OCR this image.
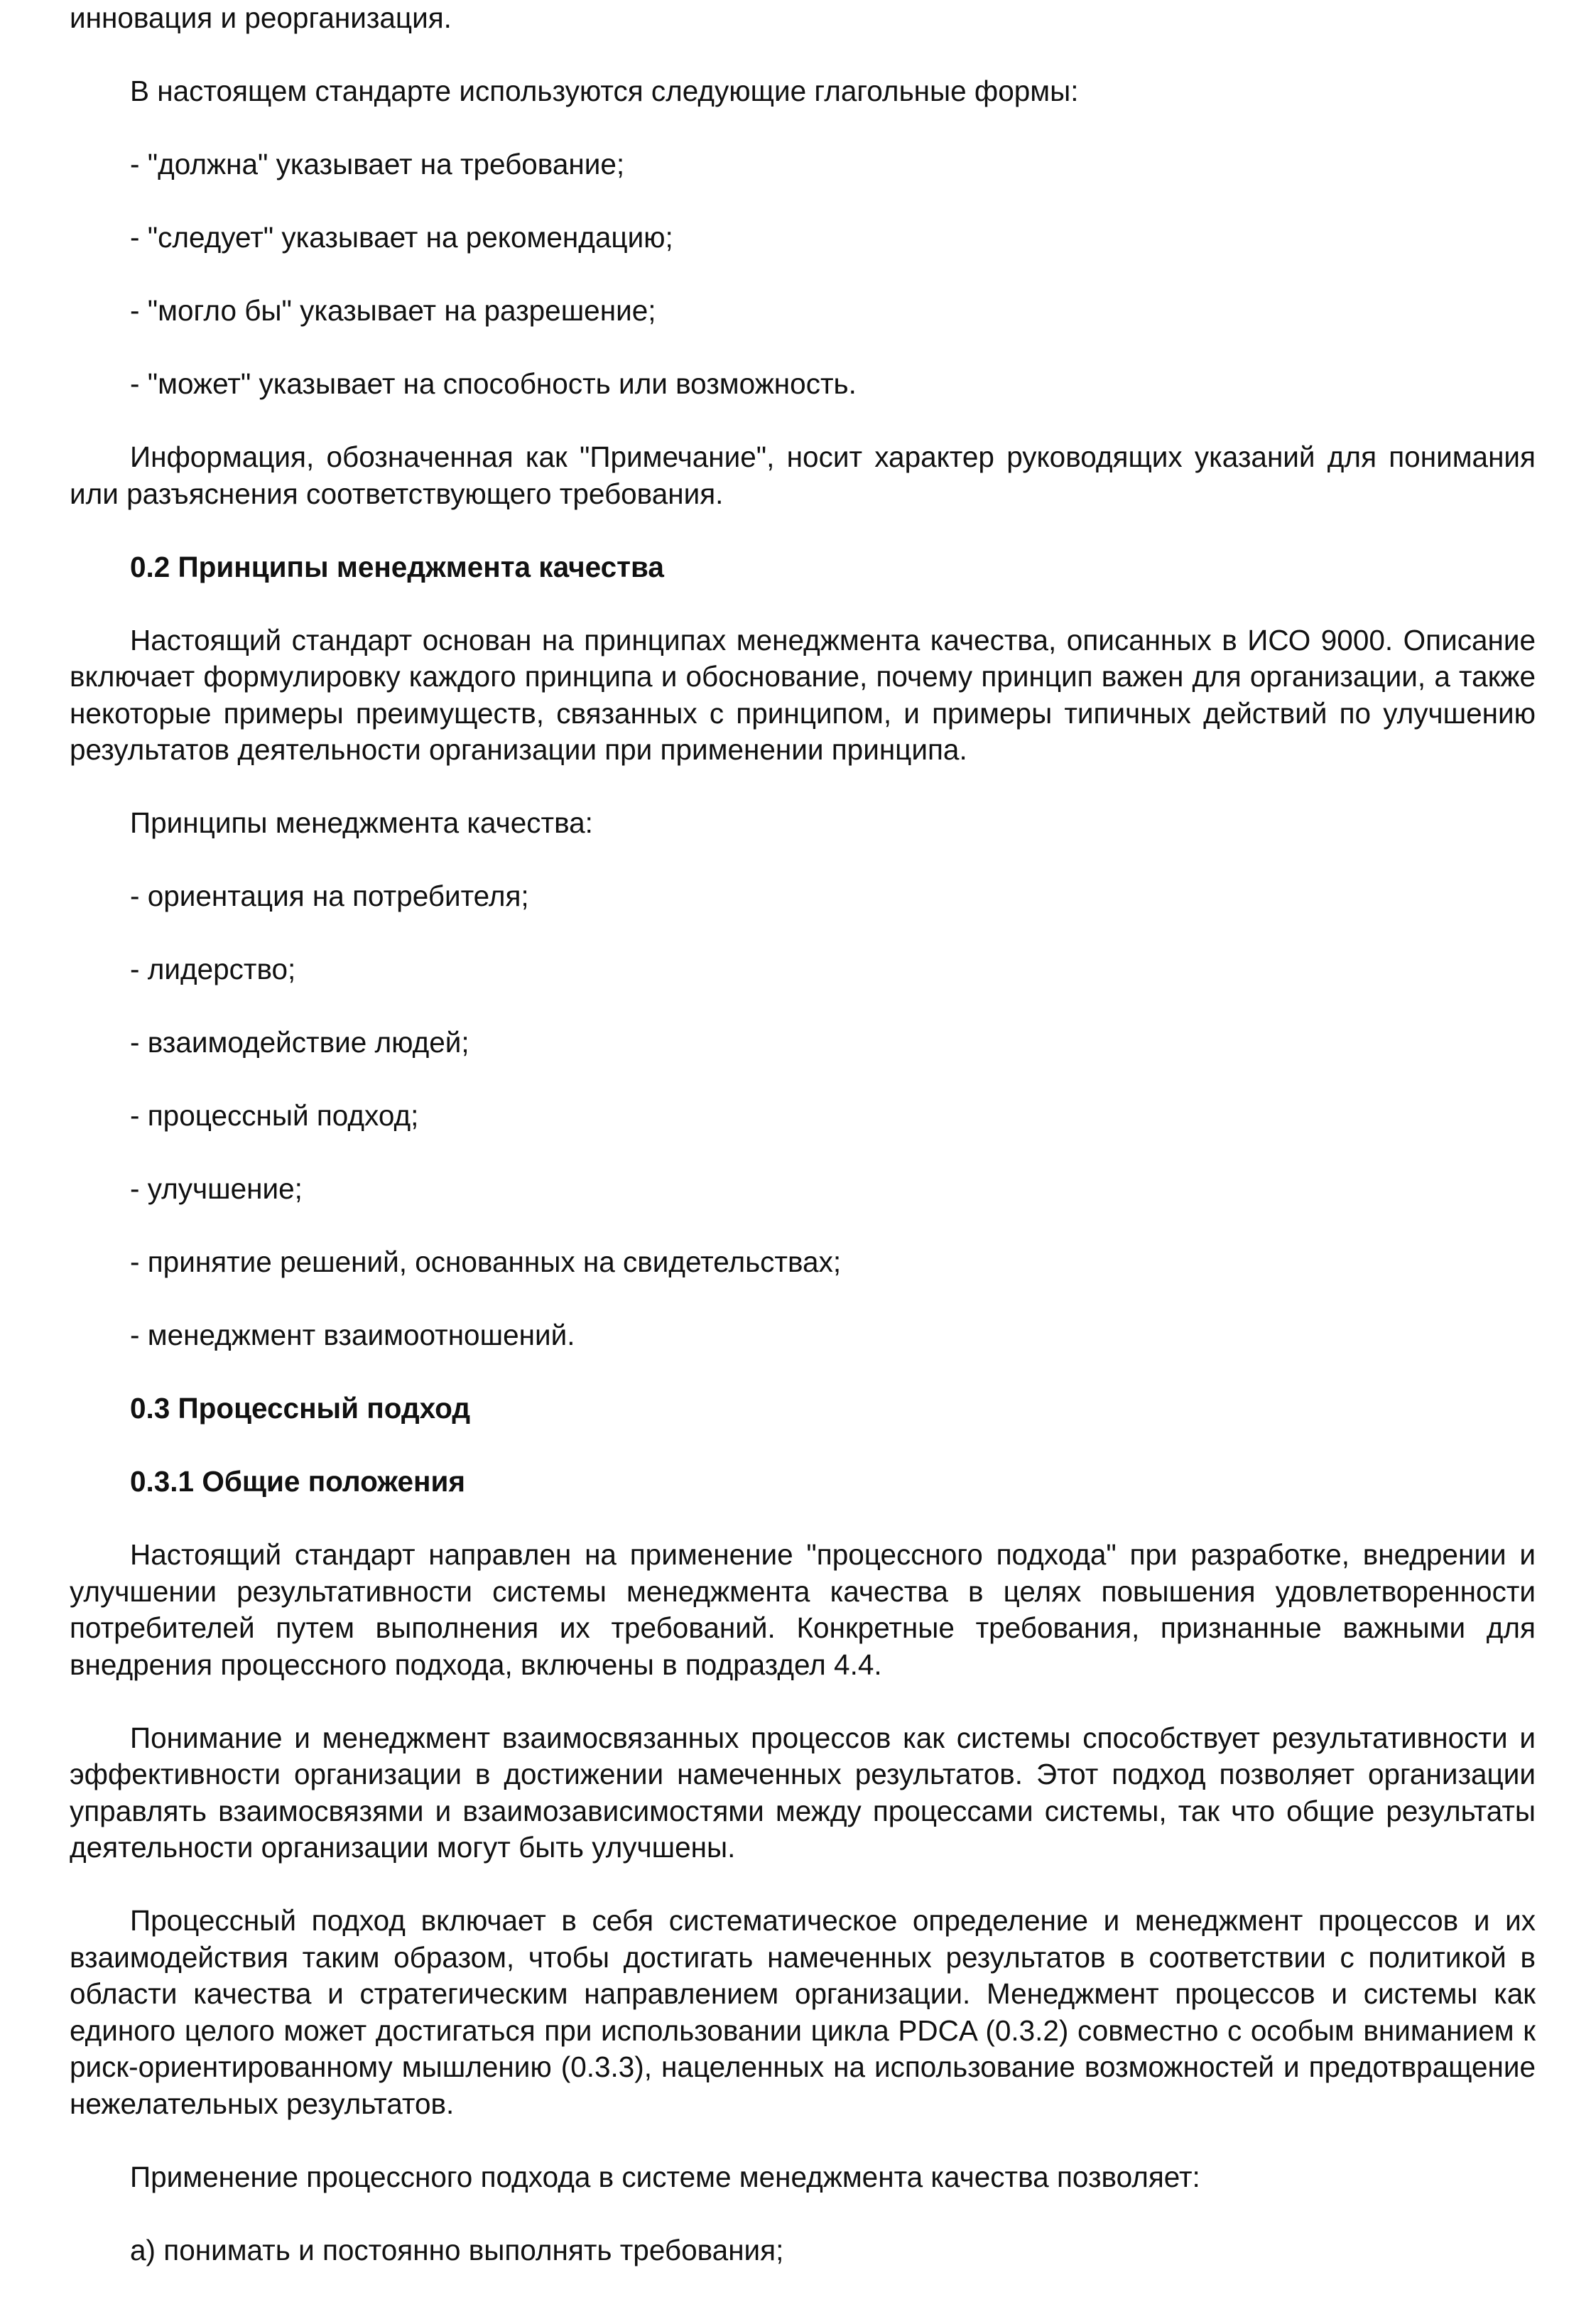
инновация и реорганизация.

В настоящем стандарте используются следующие глагольные формы:

- "должна" указывает на требование;

- "следует" указывает на рекомендацию;

- "могло бы" указывает на разрешение;

- "может" указывает на способность или возможность.

Информация, обозначенная как "Примечание", носит характер руководящих указаний для понимания или разъяснения соответствующего требования.

0.2 Принципы менеджмента качества

Настоящий стандарт основан на принципах менеджмента качества, описанных в ИСО 9000. Описание включает формулировку каждого принципа и обоснование, почему принцип важен для организации, а также некоторые примеры преимуществ, связанных с принципом, и примеры типичных действий по улучшению результатов деятельности организации при применении принципа.

Принципы менеджмента качества:

- ориентация на потребителя;

- лидерство;

- взаимодействие людей;

- процессный подход;

- улучшение;

- принятие решений, основанных на свидетельствах;

- менеджмент взаимоотношений.

0.3 Процессный подход

0.3.1 Общие положения

Настоящий стандарт направлен на применение "процессного подхода" при разработке, внедрении и улучшении результативности системы менеджмента качества в целях повышения удовлетворенности потребителей путем выполнения их требований. Конкретные требования, признанные важными для внедрения процессного подхода, включены в подраздел 4.4.

Понимание и менеджмент взаимосвязанных процессов как системы способствует результативности и эффективности организации в достижении намеченных результатов. Этот подход позволяет организации управлять взаимосвязями и взаимозависимостями между процессами системы, так что общие результаты деятельности организации могут быть улучшены.

Процессный подход включает в себя систематическое определение и менеджмент процессов и их взаимодействия таким образом, чтобы достигать намеченных результатов в соответствии с политикой в области качества и стратегическим направлением организации. Менеджмент процессов и системы как единого целого может достигаться при использовании цикла PDCA (0.3.2) совместно с особым вниманием к риск-ориентированному мышлению (0.3.3), нацеленных на использование возможностей и предотвращение нежелательных результатов.

Применение процессного подхода в системе менеджмента качества позволяет:

a) понимать и постоянно выполнять требования;
